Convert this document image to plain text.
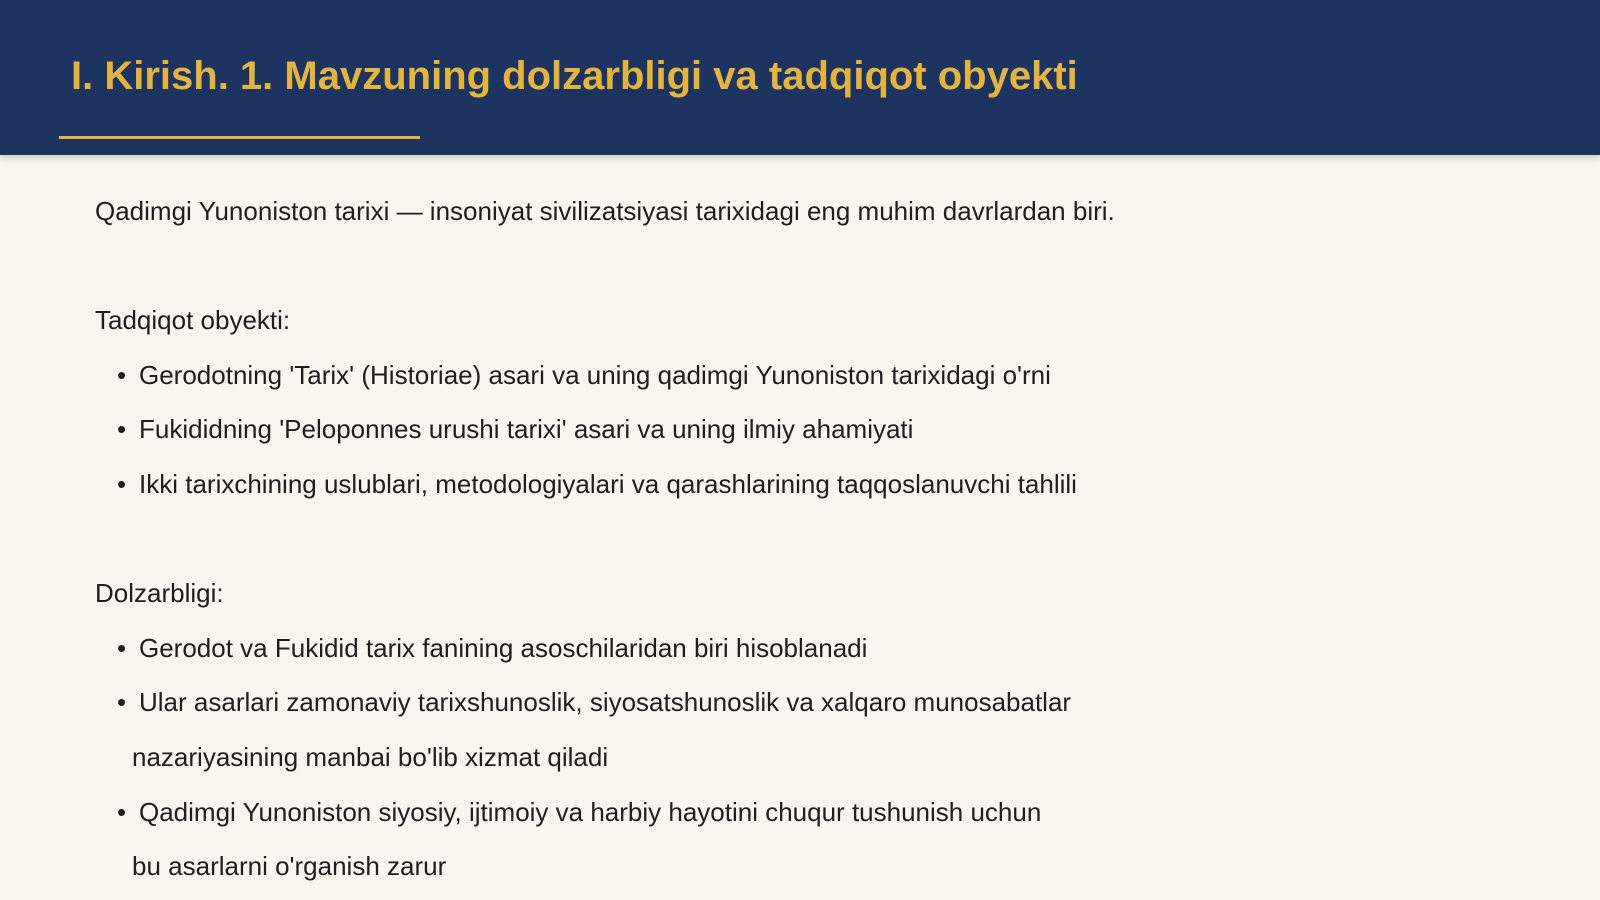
I. Kirish. 1. Mavzuning dolzarbligi va tadqiqot obyekti
Qadimgi Yunoniston tarixi — insoniyat sivilizatsiyasi tarixidagi eng muhim davrlardan biri.
Tadqiqot obyekti:
• Gerodotning 'Tarix' (Historiae) asari va uning qadimgi Yunoniston tarixidagi o'rni
• Fukididning 'Peloponnes urushi tarixi' asari va uning ilmiy ahamiyati
• Ikki tarixchining uslublari, metodologiyalari va qarashlarining taqqoslanuvchi tahlili
Dolzarbligi:
• Gerodot va Fukidid tarix fanining asoschilaridan biri hisoblanadi
• Ular asarlari zamonaviy tarixshunoslik, siyosatshunoslik va xalqaro munosabatlar
nazariyasining manbai bo'lib xizmat qiladi
• Qadimgi Yunoniston siyosiy, ijtimoiy va harbiy hayotini chuqur tushunish uchun
bu asarlarni o'rganish zarur
